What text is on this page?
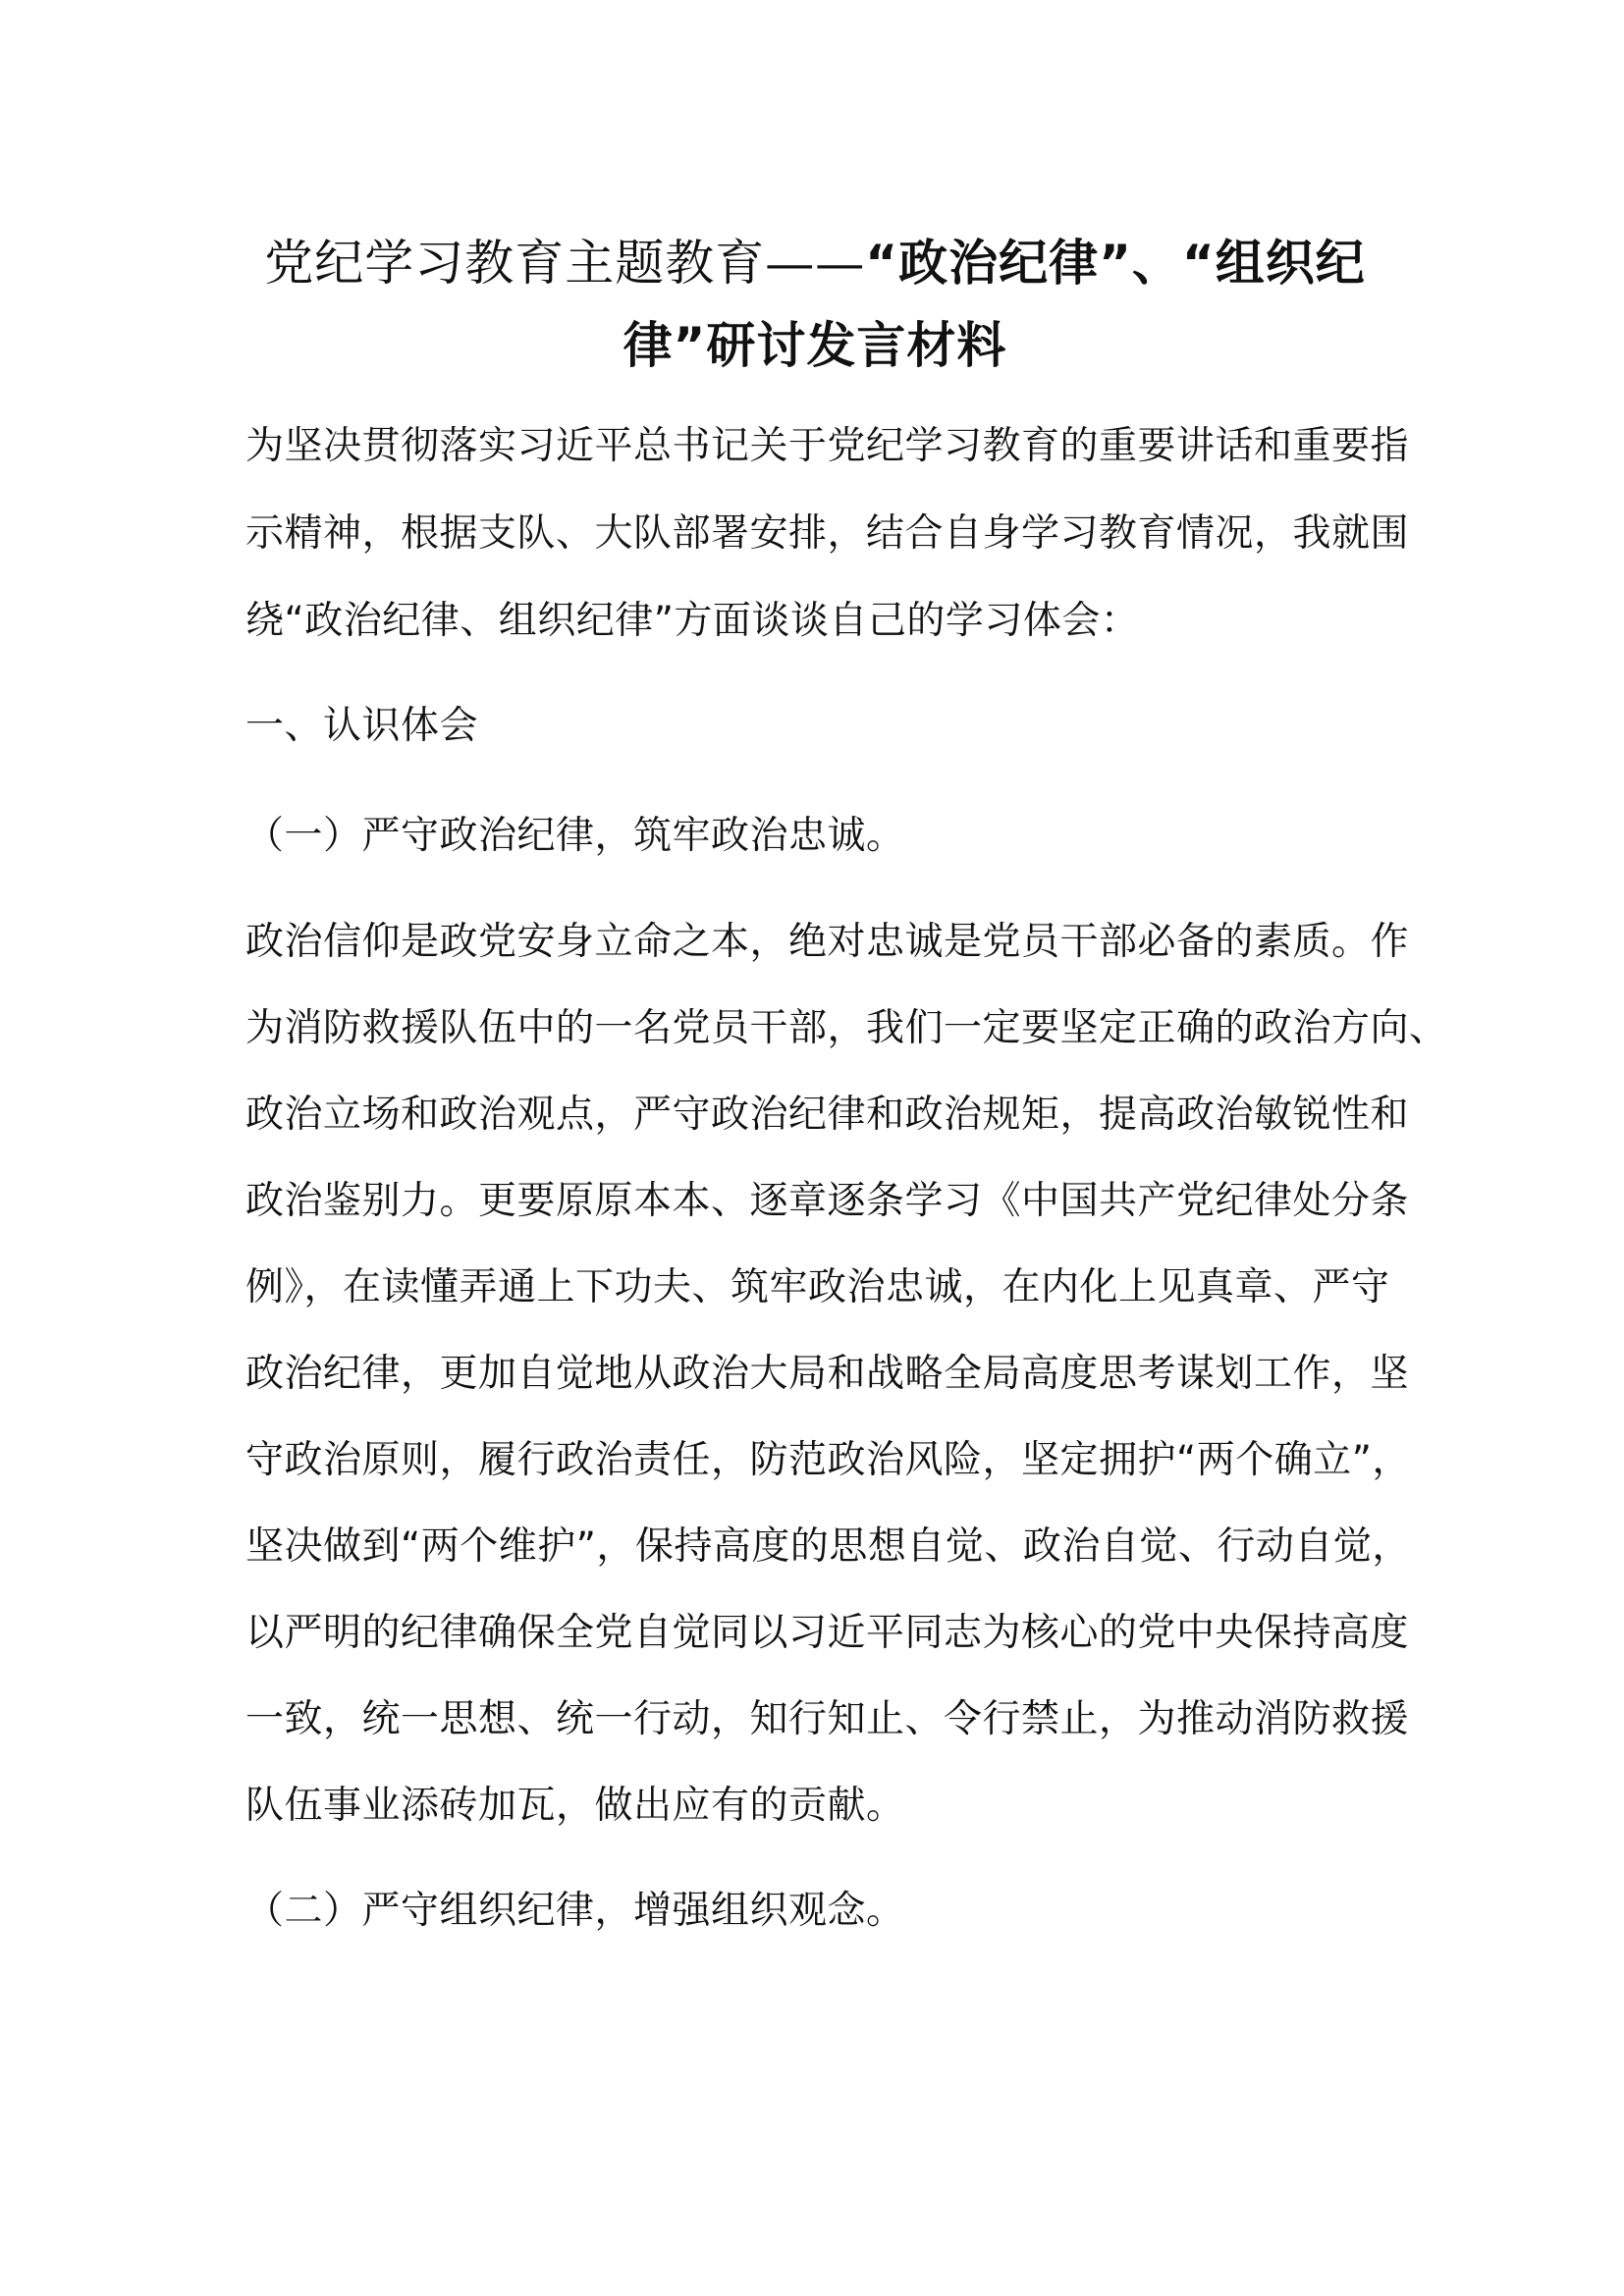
党纪学习教育主题教育——“政治纪律”、“组织纪
律”研讨发言材料

为坚决贯彻落实习近平总书记关于党纪学习教育的重要讲话和重要指

示精神，根据支队、大队部署安排，结合自身学习教育情况，我就围

绕“政治纪律、组织纪律”方面谈谈自己的学习体会：

一、认识体会

（一）严守政治纪律，筑牢政治忠诚。

政治信仰是政党安身立命之本，绝对忠诚是党员干部必备的素质。作

为消防救援队伍中的一名党员干部，我们一定要坚定正确的政治方向、

政治立场和政治观点，严守政治纪律和政治规矩，提高政治敏锐性和

政治鉴别力。更要原原本本、逐章逐条学习《中国共产党纪律处分条

例》，在读懂弄通上下功夫、筑牢政治忠诚，在内化上见真章、严守

政治纪律，更加自觉地从政治大局和战略全局高度思考谋划工作，坚

守政治原则，履行政治责任，防范政治风险，坚定拥护“两个确立”，

坚决做到“两个维护”，保持高度的思想自觉、政治自觉、行动自觉，

以严明的纪律确保全党自觉同以习近平同志为核心的党中央保持高度

一致，统一思想、统一行动，知行知止、令行禁止，为推动消防救援

队伍事业添砖加瓦，做出应有的贡献。

（二）严守组织纪律，增强组织观念。
